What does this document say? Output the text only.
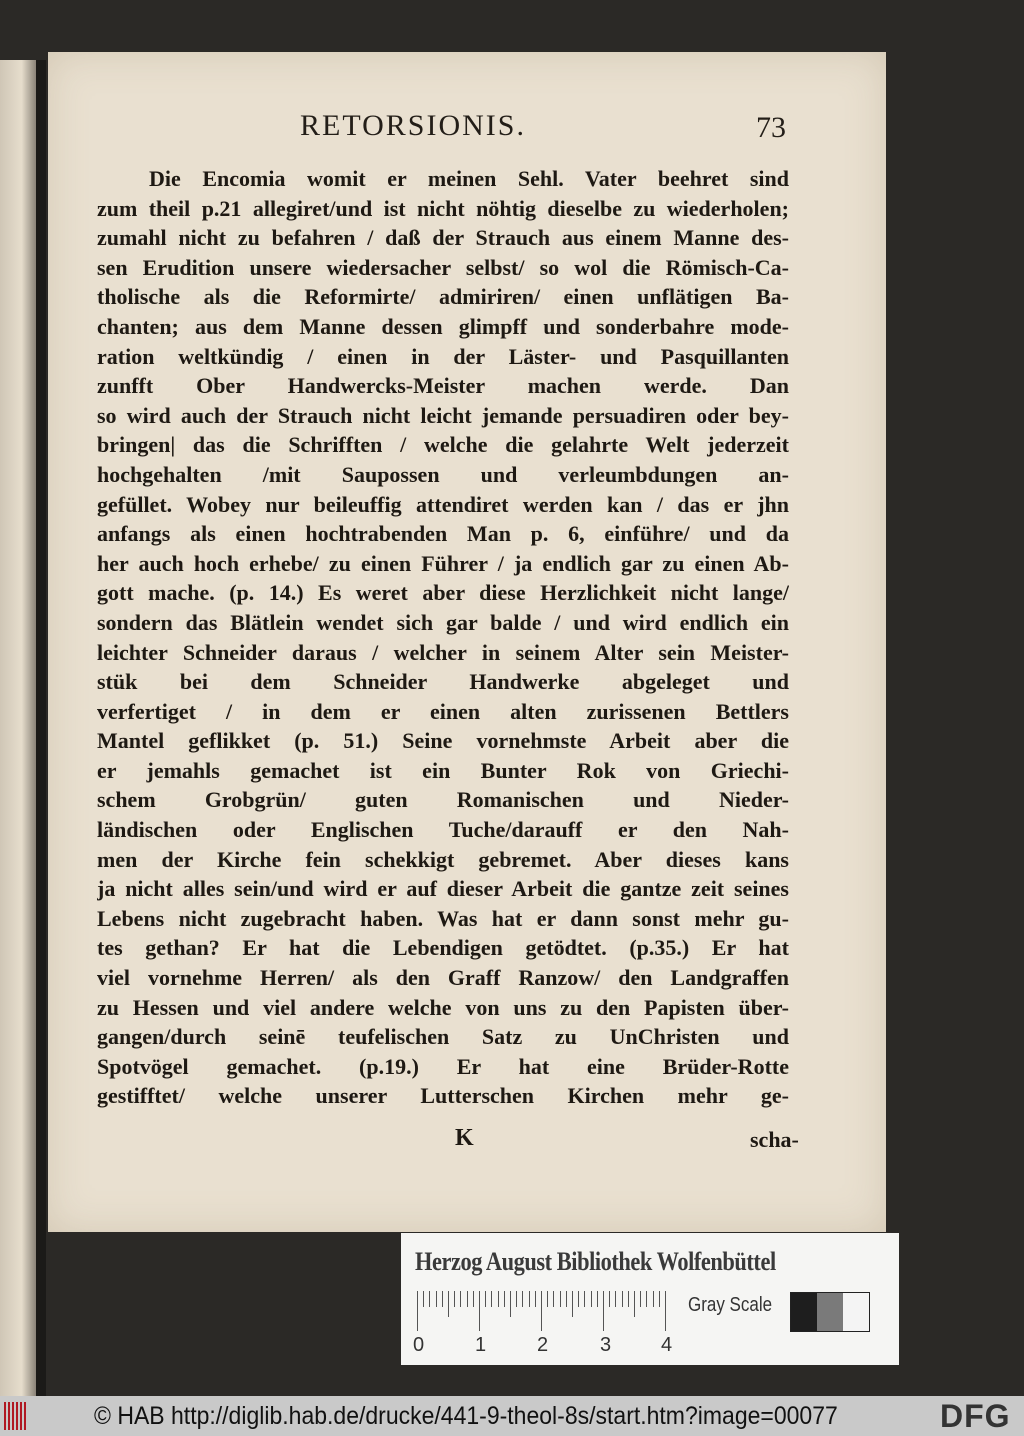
RETORSIONIS.	73
Die Encomia womit er meinen Sehl. Vater beehret sind
zum theil p.21 allegiret/und ist nicht nöhtig dieselbe zu wiederholen;
zumahl nicht zu befahren / daß der Strauch aus einem Manne des-
sen Erudition unsere wiedersacher selbst/ so wol die Römisch-Ca-
tholische als die Reformirte/ admiriren/ einen unflätigen Ba-
chanten; aus dem Manne dessen glimpff und sonderbahre mode-
ration weltkündig / einen in der Läster- und Pasquillanten
zunfft Ober Handwercks-Meister machen werde. Dan
so wird auch der Strauch nicht leicht jemande persuadiren oder bey-
bringen| das die Schrifften / welche die gelahrte Welt jederzeit
hochgehalten /mit Saupossen und verleumbdungen an-
gefüllet. Wobey nur beileuffig attendiret werden kan / das er jhn
anfangs als einen hochtrabenden Man p. 6, einführe/ und da
her auch hoch erhebe/ zu einen Führer / ja endlich gar zu einen Ab-
gott mache. (p. 14.) Es weret aber diese Herzlichkeit nicht lange/
sondern das Blätlein wendet sich gar balde / und wird endlich ein
leichter Schneider daraus / welcher in seinem Alter sein Meister-
stük bei dem Schneider Handwerke abgeleget und
verfertiget / in dem er einen alten zurissenen Bettlers
Mantel geflikket (p. 51.) Seine vornehmste Arbeit aber die
er jemahls gemachet ist ein Bunter Rok von Griechi-
schem Grobgrün/ guten Romanischen und Nieder-
ländischen oder Englischen Tuche/darauff er den Nah-
men der Kirche fein schekkigt gebremet. Aber dieses kans
ja nicht alles sein/und wird er auf dieser Arbeit die gantze zeit seines
Lebens nicht zugebracht haben. Was hat er dann sonst mehr gu-
tes gethan? Er hat die Lebendigen getödtet. (p.35.) Er hat
viel vornehme Herren/ als den Graff Ranzow/ den Landgraffen
zu Hessen und viel andere welche von uns zu den Papisten über-
gangen/durch seinē teufelischen Satz zu UnChristen und
Spotvögel gemachet. (p.19.) Er hat eine Brüder-Rotte
gestifftet/ welche unserer Lutterschen Kirchen mehr ge-
K	scha-
Herzog August Bibliothek Wolfenbüttel
0	1	2	3 4
Gray Scale
© HAB http://diglib.hab.de/drucke/441-9-theol-8s/start.htm?image=00077	DFG
